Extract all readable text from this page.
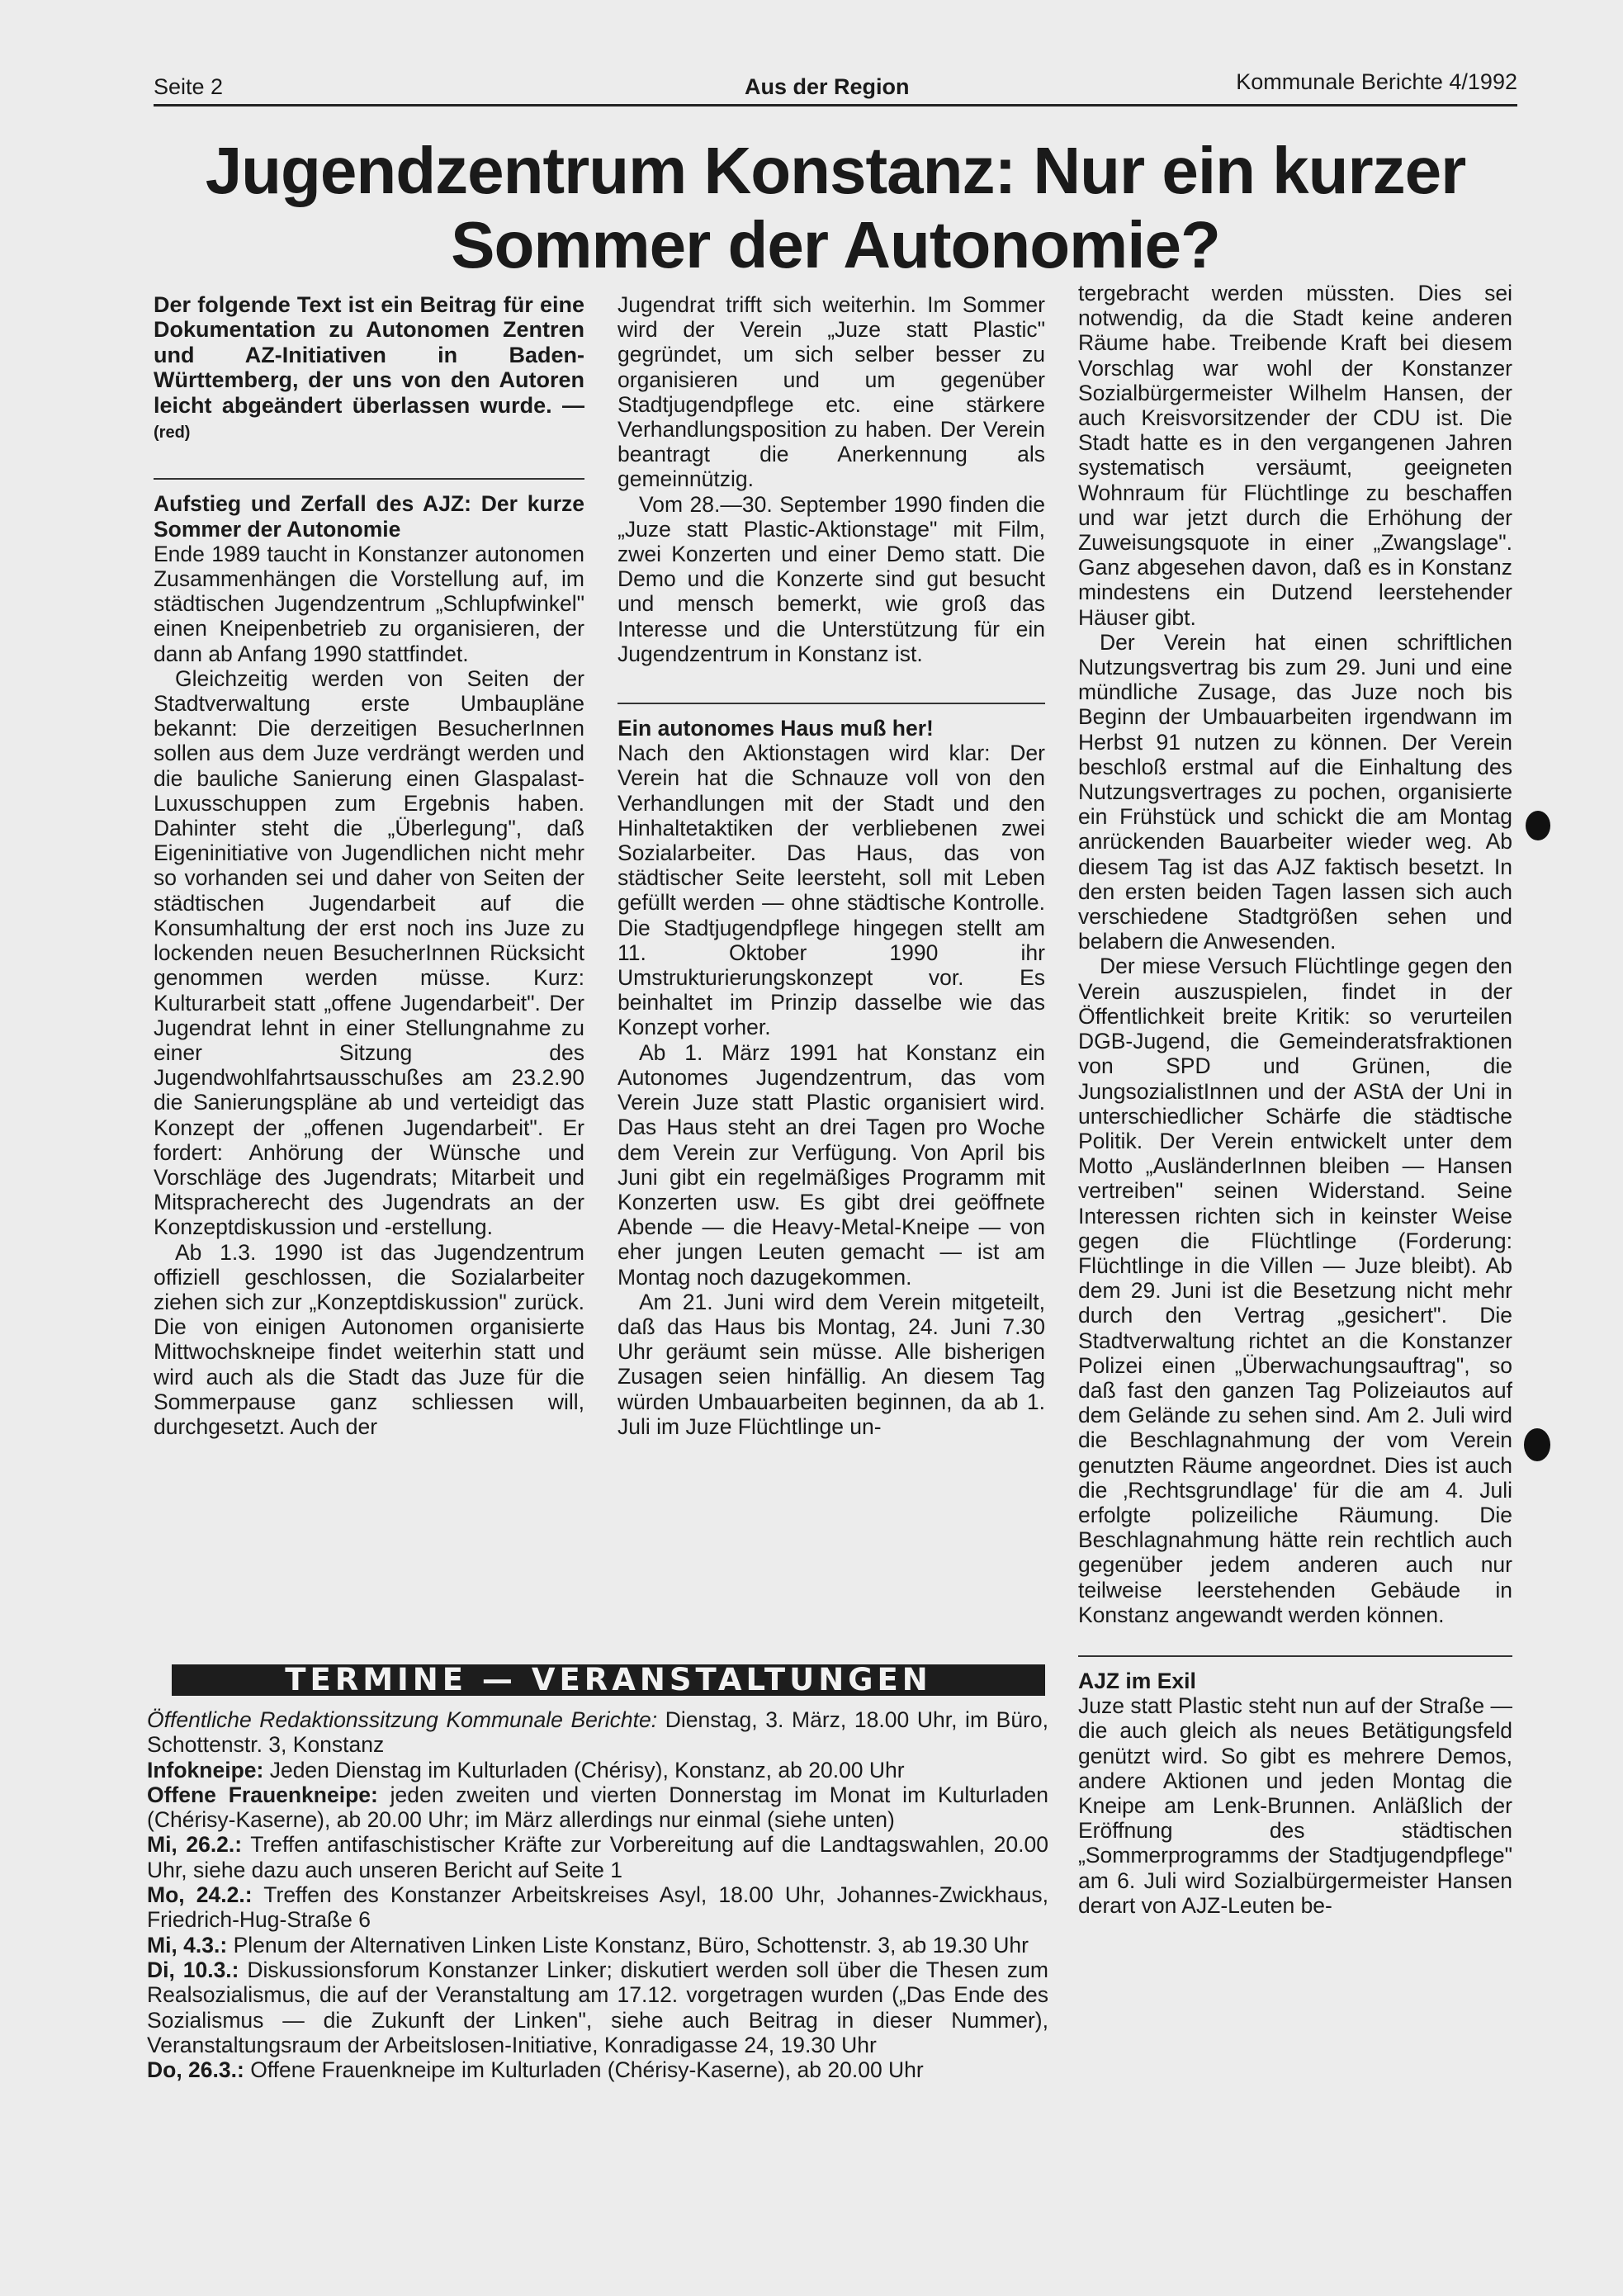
Seite 2	Aus der Region	Kommunale Berichte 4/1992
Jugendzentrum Konstanz: Nur ein kurzer Sommer der Autonomie?

Der folgende Text ist ein Beitrag für eine Dokumentation zu Autonomen Zentren und AZ-Initiativen in Baden-Württemberg, der uns von den Autoren leicht abgeändert überlassen wurde. — (red)

Aufstieg und Zerfall des AJZ: Der kurze Sommer der Autonomie

Ende 1989 taucht in Konstanzer autonomen Zusammenhängen die Vorstellung auf, im städtischen Jugendzentrum „Schlupfwinkel" einen Kneipenbetrieb zu organisieren, der dann ab Anfang 1990 stattfindet.

Gleichzeitig werden von Seiten der Stadtverwaltung erste Umbaupläne bekannt: Die derzeitigen BesucherInnen sollen aus dem Juze verdrängt werden und die bauliche Sanierung einen Glaspalast-Luxusschuppen zum Ergebnis haben. Dahinter steht die „Überlegung", daß Eigeninitiative von Jugendlichen nicht mehr so vorhanden sei und daher von Seiten der städtischen Jugendarbeit auf die Konsumhaltung der erst noch ins Juze zu lockenden neuen BesucherInnen Rücksicht genommen werden müsse. Kurz: Kulturarbeit statt „offene Jugendarbeit". Der Jugendrat lehnt in einer Stellungnahme zu einer Sitzung des Jugendwohlfahrtsausschußes am 23.2.90 die Sanierungspläne ab und verteidigt das Konzept der „offenen Jugendarbeit". Er fordert: Anhörung der Wünsche und Vorschläge des Jugendrats; Mitarbeit und Mitspracherecht des Jugendrats an der Konzeptdiskussion und -erstellung.

Ab 1.3. 1990 ist das Jugendzentrum offiziell geschlossen, die Sozialarbeiter ziehen sich zur „Konzeptdiskussion" zurück. Die von einigen Autonomen organisierte Mittwochskneipe findet weiterhin statt und wird auch als die Stadt das Juze für die Sommerpause ganz schliessen will, durchgesetzt. Auch der

Jugendrat trifft sich weiterhin. Im Sommer wird der Verein „Juze statt Plastic" gegründet, um sich selber besser zu organisieren und um gegenüber Stadtjugendpflege etc. eine stärkere Verhandlungsposition zu haben. Der Verein beantragt die Anerkennung als gemeinnützig.

Vom 28.—30. September 1990 finden die „Juze statt Plastic-Aktionstage" mit Film, zwei Konzerten und einer Demo statt. Die Demo und die Konzerte sind gut besucht und mensch bemerkt, wie groß das Interesse und die Unterstützung für ein Jugendzentrum in Konstanz ist.

Ein autonomes Haus muß her!

Nach den Aktionstagen wird klar: Der Verein hat die Schnauze voll von den Verhandlungen mit der Stadt und den Hinhaltetaktiken der verbliebenen zwei Sozialarbeiter. Das Haus, das von städtischer Seite leersteht, soll mit Leben gefüllt werden — ohne städtische Kontrolle. Die Stadtjugendpflege hingegen stellt am 11. Oktober 1990 ihr Umstrukturierungskonzept vor. Es beinhaltet im Prinzip dasselbe wie das Konzept vorher.

Ab 1. März 1991 hat Konstanz ein Autonomes Jugendzentrum, das vom Verein Juze statt Plastic organisiert wird. Das Haus steht an drei Tagen pro Woche dem Verein zur Verfügung. Von April bis Juni gibt ein regelmäßiges Programm mit Konzerten usw. Es gibt drei geöffnete Abende — die Heavy-Metal-Kneipe — von eher jungen Leuten gemacht — ist am Montag noch dazugekommen.

Am 21. Juni wird dem Verein mitgeteilt, daß das Haus bis Montag, 24. Juni 7.30 Uhr geräumt sein müsse. Alle bisherigen Zusagen seien hinfällig. An diesem Tag würden Umbauarbeiten beginnen, da ab 1. Juli im Juze Flüchtlinge un-

tergebracht werden müssten. Dies sei notwendig, da die Stadt keine anderen Räume habe. Treibende Kraft bei diesem Vorschlag war wohl der Konstanzer Sozialbürgermeister Wilhelm Hansen, der auch Kreisvorsitzender der CDU ist. Die Stadt hatte es in den vergangenen Jahren systematisch versäumt, geeigneten Wohnraum für Flüchtlinge zu beschaffen und war jetzt durch die Erhöhung der Zuweisungsquote in einer „Zwangslage". Ganz abgesehen davon, daß es in Konstanz mindestens ein Dutzend leerstehender Häuser gibt.

Der Verein hat einen schriftlichen Nutzungsvertrag bis zum 29. Juni und eine mündliche Zusage, das Juze noch bis Beginn der Umbauarbeiten irgendwann im Herbst 91 nutzen zu können. Der Verein beschloß erstmal auf die Einhaltung des Nutzungsvertrages zu pochen, organisierte ein Frühstück und schickt die am Montag anrückenden Bauarbeiter wieder weg. Ab diesem Tag ist das AJZ faktisch besetzt. In den ersten beiden Tagen lassen sich auch verschiedene Stadtgrößen sehen und belabern die Anwesenden.

Der miese Versuch Flüchtlinge gegen den Verein auszuspielen, findet in der Öffentlichkeit breite Kritik: so verurteilen DGB-Jugend, die Gemeinderatsfraktionen von SPD und Grünen, die JungsozialistInnen und der AStA der Uni in unterschiedlicher Schärfe die städtische Politik. Der Verein entwickelt unter dem Motto „AusländerInnen bleiben — Hansen vertreiben" seinen Widerstand. Seine Interessen richten sich in keinster Weise gegen die Flüchtlinge (Forderung: Flüchtlinge in die Villen — Juze bleibt). Ab dem 29. Juni ist die Besetzung nicht mehr durch den Vertrag „gesichert". Die Stadtverwaltung richtet an die Konstanzer Polizei einen „Überwachungsauftrag", so daß fast den ganzen Tag Polizeiautos auf dem Gelände zu sehen sind. Am 2. Juli wird die Beschlagnahmung der vom Verein genutzten Räume angeordnet. Dies ist auch die ‚Rechtsgrundlage' für die am 4. Juli erfolgte polizeiliche Räumung. Die Beschlagnahmung hätte rein rechtlich auch gegenüber jedem anderen auch nur teilweise leerstehenden Gebäude in Konstanz angewandt werden können.

AJZ im Exil

Juze statt Plastic steht nun auf der Straße — die auch gleich als neues Betätigungsfeld genützt wird. So gibt es mehrere Demos, andere Aktionen und jeden Montag die Kneipe am Lenk-Brunnen. Anläßlich der Eröffnung des städtischen „Sommerprogramms der Stadtjugendpflege" am 6. Juli wird Sozialbürgermeister Hansen derart von AJZ-Leuten be-

TERMINE — VERANSTALTUNGEN

Öffentliche Redaktionssitzung Kommunale Berichte: Dienstag, 3. März, 18.00 Uhr, im Büro, Schottenstr. 3, Konstanz

Infokneipe: Jeden Dienstag im Kulturladen (Chérisy), Konstanz, ab 20.00 Uhr

Offene Frauenkneipe: jeden zweiten und vierten Donnerstag im Monat im Kulturladen (Chérisy-Kaserne), ab 20.00 Uhr; im März allerdings nur einmal (siehe unten)

Mi, 26.2.: Treffen antifaschistischer Kräfte zur Vorbereitung auf die Landtagswahlen, 20.00 Uhr, siehe dazu auch unseren Bericht auf Seite 1

Mo, 24.2.: Treffen des Konstanzer Arbeitskreises Asyl, 18.00 Uhr, Johannes-Zwickhaus, Friedrich-Hug-Straße 6

Mi, 4.3.: Plenum der Alternativen Linken Liste Konstanz, Büro, Schottenstr. 3, ab 19.30 Uhr

Di, 10.3.: Diskussionsforum Konstanzer Linker; diskutiert werden soll über die Thesen zum Realsozialismus, die auf der Veranstaltung am 17.12. vorgetragen wurden („Das Ende des Sozialismus — die Zukunft der Linken", siehe auch Beitrag in dieser Nummer), Veranstaltungsraum der Arbeitslosen-Initiative, Konradigasse 24, 19.30 Uhr

Do, 26.3.: Offene Frauenkneipe im Kulturladen (Chérisy-Kaserne), ab 20.00 Uhr
